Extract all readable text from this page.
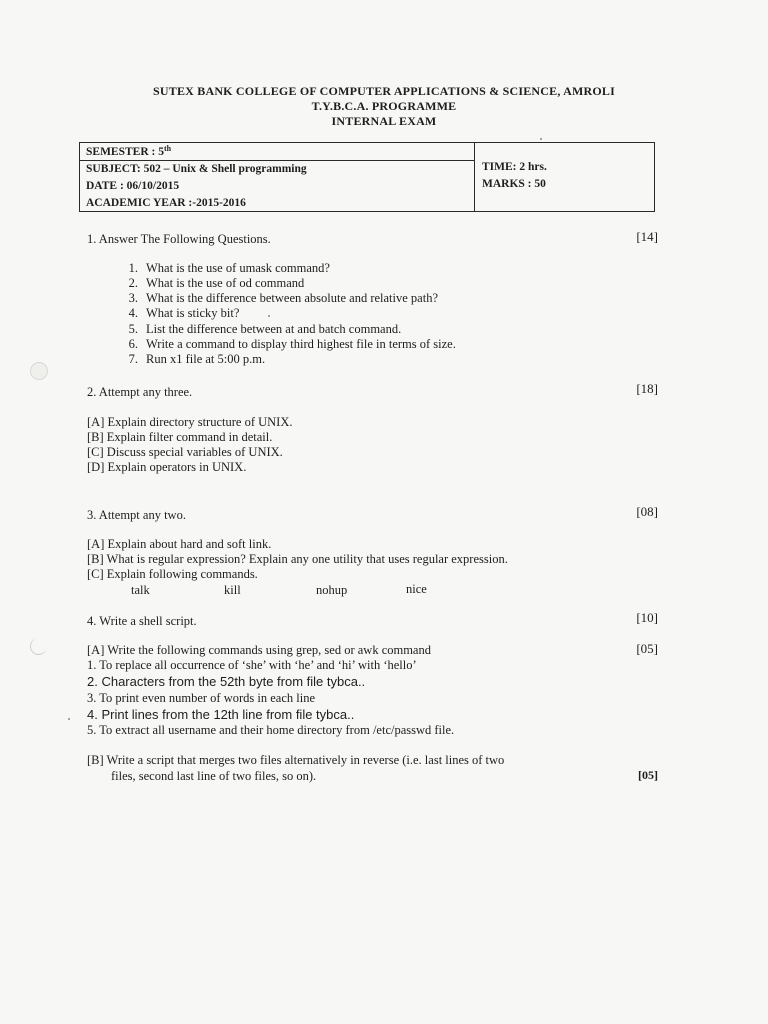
SUTEX BANK COLLEGE OF COMPUTER APPLICATIONS & SCIENCE, AMROLI
T.Y.B.C.A. PROGRAMME
INTERNAL EXAM
SEMESTER : 5th
SUBJECT: 502 – Unix & Shell programming
DATE : 06/10/2015
ACADEMIC YEAR :-2015-2016
TIME: 2 hrs.
MARKS : 50
1. Answer The Following Questions.	[14]
1. What is the use of umask command?
2. What is the use of od command
3. What is the difference between absolute and relative path?
4. What is sticky bit?
5. List the difference between at and batch command.
6. Write a command to display third highest file in terms of size.
7. Run x1 file at 5:00 p.m.
2. Attempt any three.	[18]
[A] Explain directory structure of UNIX.
[B] Explain filter command in detail.
[C] Discuss special variables of UNIX.
[D] Explain operators in UNIX.
3. Attempt any two.	[08]
[A] Explain about hard and soft link.
[B] What is regular expression? Explain any one utility that uses regular expression.
[C] Explain following commands.
talk	kill	nohup	nice
4. Write a shell script.	[10]
[A] Write the following commands using grep, sed or awk command	[05]
1. To replace all occurrence of ‘she’ with ‘he’ and ‘hi’ with ‘hello’
2. Characters from the 52th byte from file tybca..
3. To print even number of words in each line
4. Print lines from the 12th line from file tybca..
5. To extract all username and their home directory from /etc/passwd file.
[B] Write a script that merges two files alternatively in reverse (i.e. last lines of two
files, second last line of two files, so on).	[05]
